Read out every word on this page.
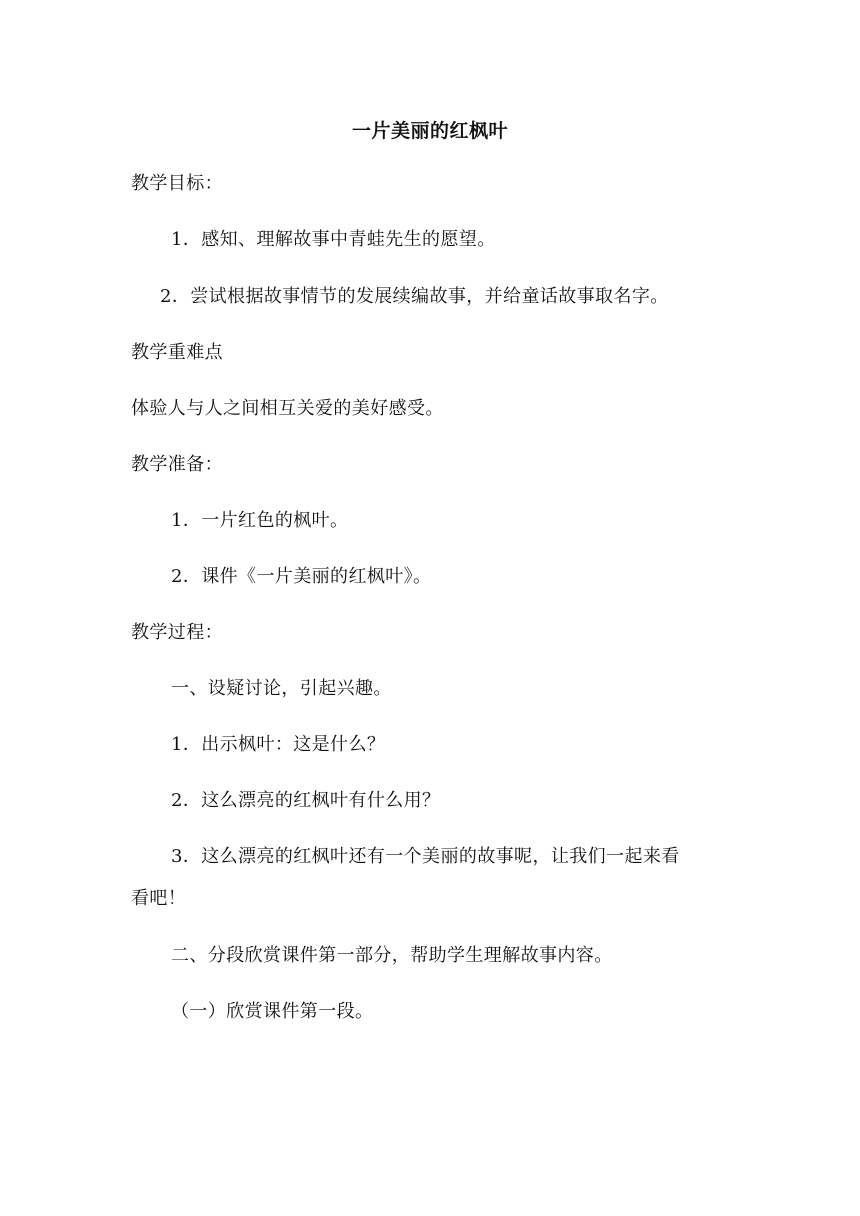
一片美丽的红枫叶
教学目标：
1．感知、理解故事中青蛙先生的愿望。
2．尝试根据故事情节的发展续编故事，并给童话故事取名字。
教学重难点
体验人与人之间相互关爱的美好感受。
教学准备：
1．一片红色的枫叶。
2．课件《一片美丽的红枫叶》。
教学过程：
一、设疑讨论，引起兴趣。
1．出示枫叶：这是什么？
2．这么漂亮的红枫叶有什么用？
3．这么漂亮的红枫叶还有一个美丽的故事呢，让我们一起来看
看吧！
二、分段欣赏课件第一部分，帮助学生理解故事内容。
（一）欣赏课件第一段。
